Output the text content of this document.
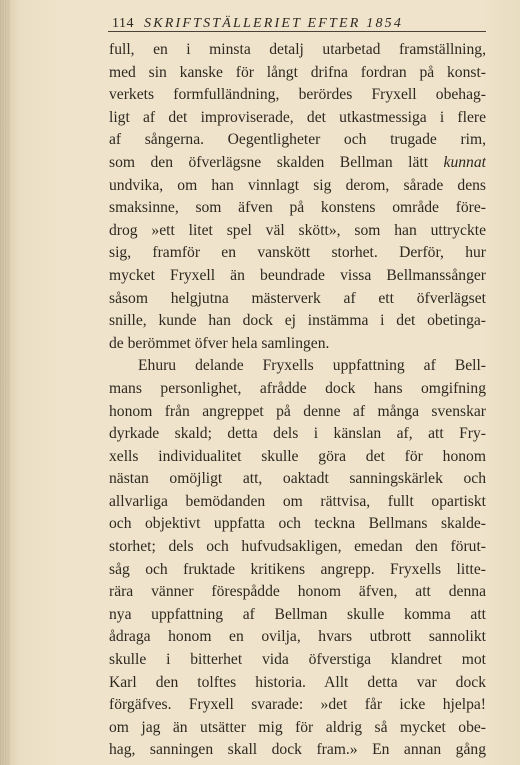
114 SKRIFTSTÄLLERIET EFTER 1854
full, en i minsta detalj utarbetad framställning,
med sin kanske för långt drifna fordran på konst-
verkets formfulländning, berördes Fryxell obehag-
ligt af det improviserade, det utkastmessiga i flere
af sångerna. Oegentligheter och trugade rim,
som den öfverlägsne skalden Bellman lätt kunnat
undvika, om han vinnlagt sig derom, sårade dens
smaksinne, som äfven på konstens område före-
drog »ett litet spel väl skött», som han uttryckte
sig, framför en vanskött storhet. Derför, hur
mycket Fryxell än beundrade vissa Bellmanssånger
såsom helgjutna mästerverk af ett öfverlägset
snille, kunde han dock ej instämma i det obetinga-
de berömmet öfver hela samlingen.
Ehuru delande Fryxells uppfattning af Bell-
mans personlighet, afrådde dock hans omgifning
honom från angreppet på denne af många svenskar
dyrkade skald; detta dels i känslan af, att Fry-
xells individualitet skulle göra det för honom
nästan omöjligt att, oaktadt sanningskärlek och
allvarliga bemödanden om rättvisa, fullt opartiskt
och objektivt uppfatta och teckna Bellmans skalde-
storhet; dels och hufvudsakligen, emedan den förut-
såg och fruktade kritikens angrepp. Fryxells litte-
rära vänner förespådde honom äfven, att denna
nya uppfattning af Bellman skulle komma att
ådraga honom en ovilja, hvars utbrott sannolikt
skulle i bitterhet vida öfverstiga klandret mot
Karl den tolftes historia. Allt detta var dock
förgäfves. Fryxell svarade: »det får icke hjelpa!
om jag än utsätter mig för aldrig så mycket obe-
hag, sanningen skall dock fram.» En annan gång
